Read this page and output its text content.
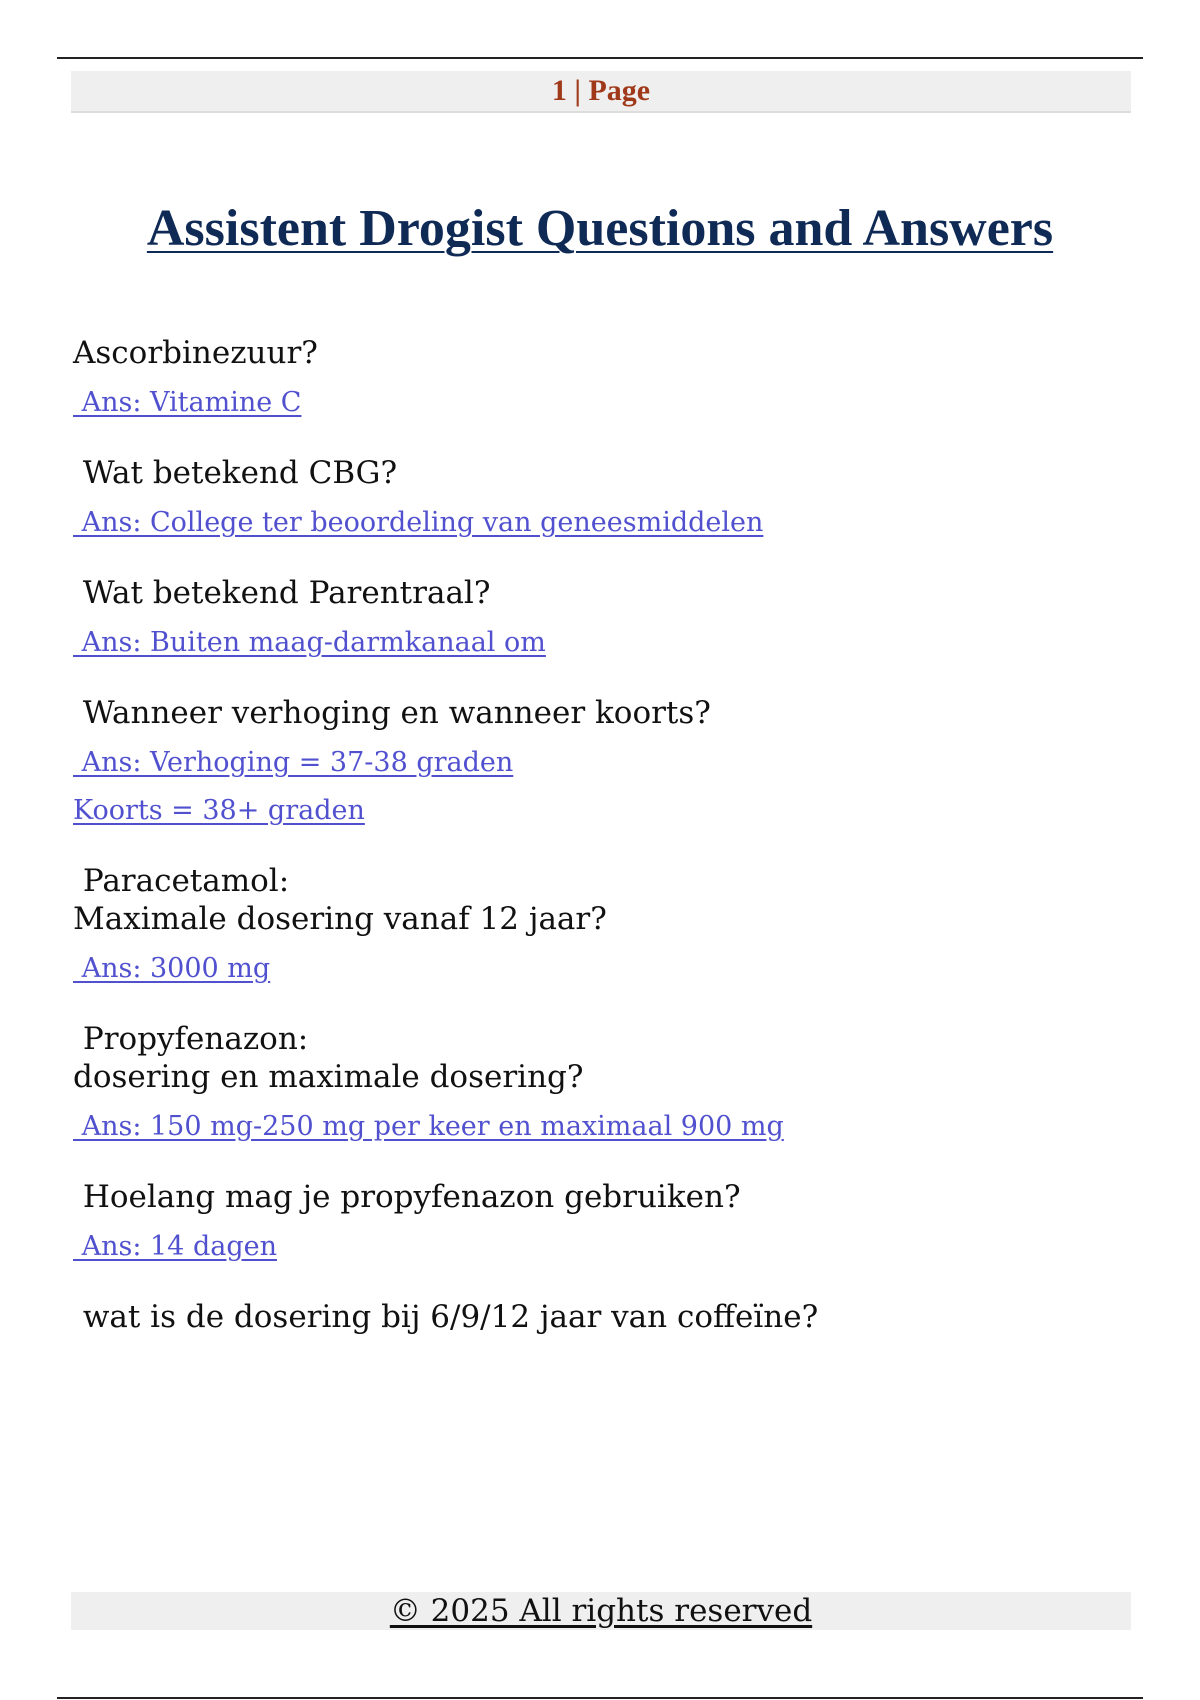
1 | Page
Assistent Drogist Questions and Answers

Ascorbinezuur?

Ans: Vitamine C

Wat betekend CBG?

Ans: College ter beoordeling van geneesmiddelen

Wat betekend Parentraal?

Ans: Buiten maag-darmkanaal om

Wanneer verhoging en wanneer koorts?

Ans: Verhoging = 37-38 graden
Koorts = 38+ graden

Paracetamol:

Maximale dosering vanaf 12 jaar?

Ans: 3000 mg

Propyfenazon:

dosering en maximale dosering?

Ans: 150 mg-250 mg per keer en maximaal 900 mg

Hoelang mag je propyfenazon gebruiken?

Ans: 14 dagen

wat is de dosering bij 6/9/12 jaar van coffeïne?

© 2025 All rights reserved
